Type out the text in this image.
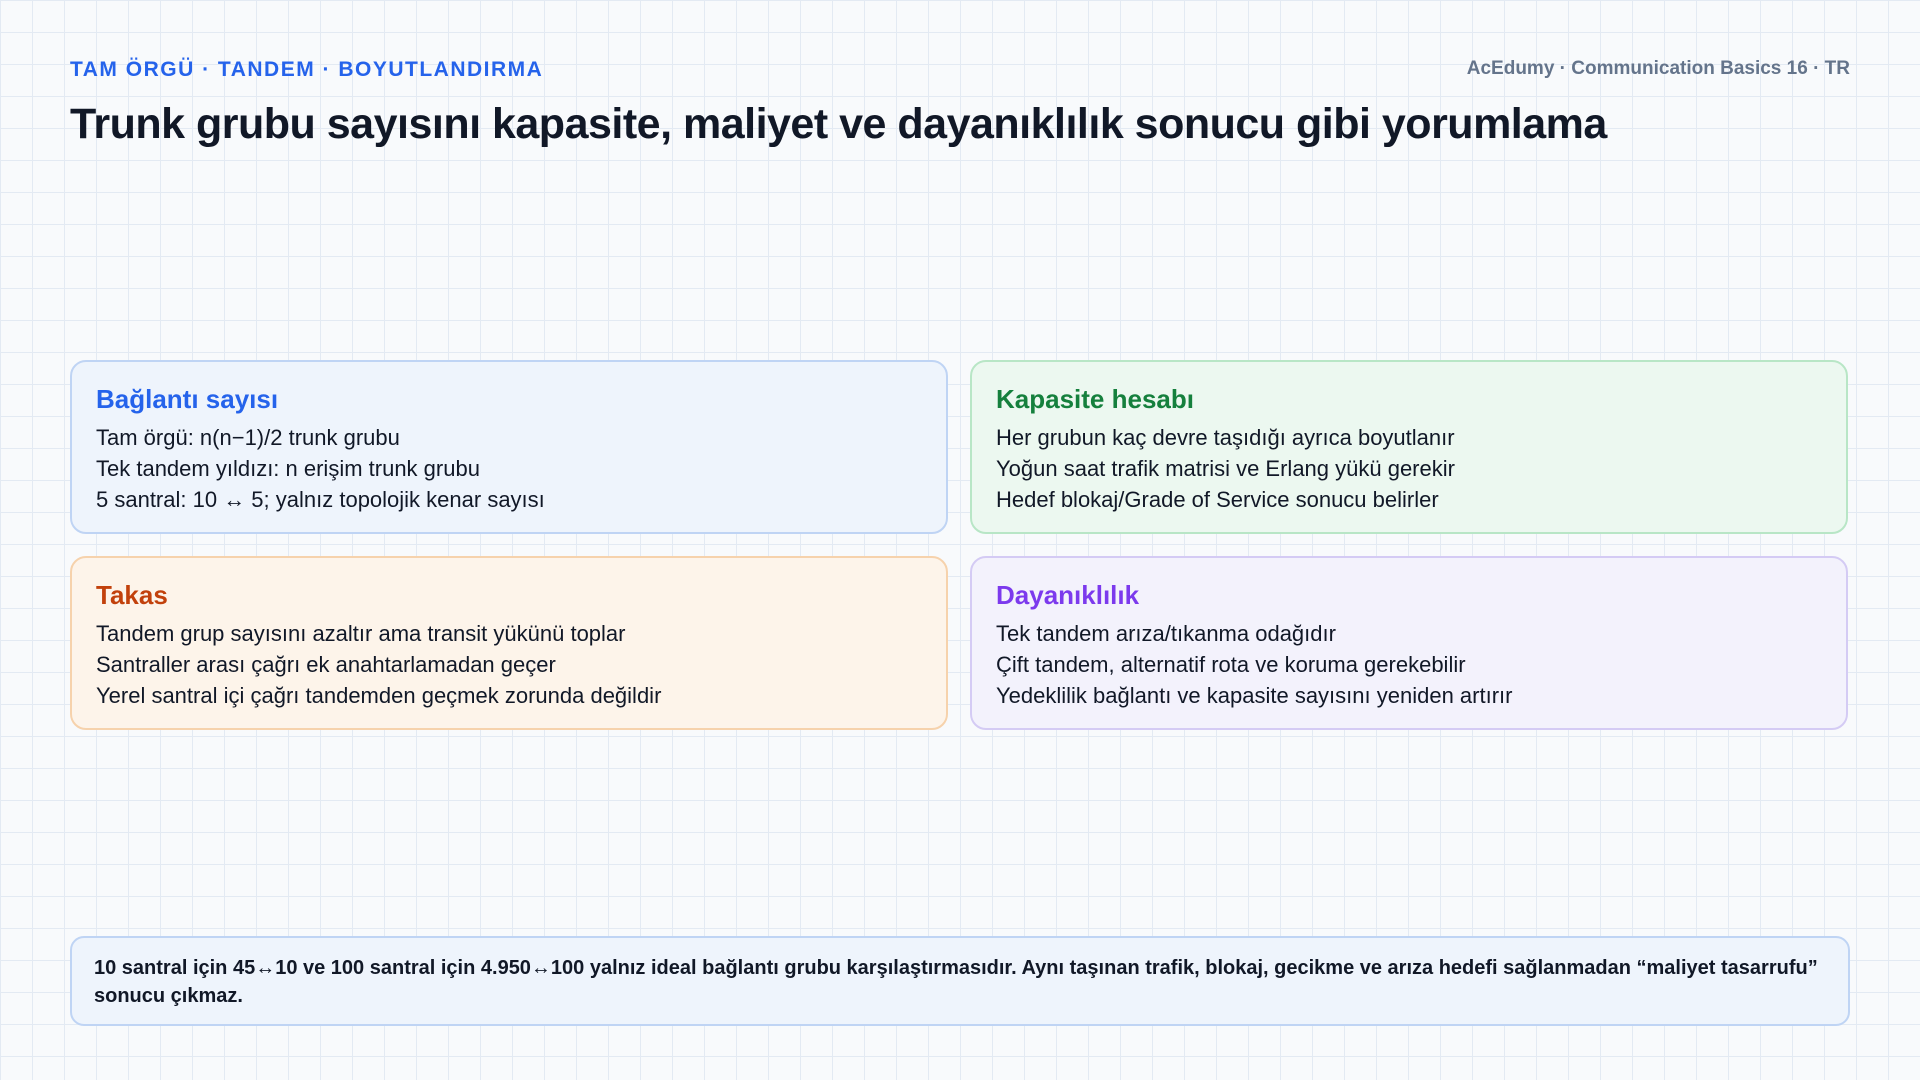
TAM ÖRGÜ · TANDEM · BOYUTLANDIRMA	AcEdumy · Communication Basics 16 · TR
Trunk grubu sayısını kapasite, maliyet ve dayanıklılık sonucu gibi yorumlama
Bağlantı sayısı
Tam örgü: n(n−1)/2 trunk grubu
Tek tandem yıldızı: n erişim trunk grubu
5 santral: 10 ↔ 5; yalnız topolojik kenar sayısı
Kapasite hesabı
Her grubun kaç devre taşıdığı ayrıca boyutlanır
Yoğun saat trafik matrisi ve Erlang yükü gerekir
Hedef blokaj/Grade of Service sonucu belirler
Takas
Tandem grup sayısını azaltır ama transit yükünü toplar
Santraller arası çağrı ek anahtarlamadan geçer
Yerel santral içi çağrı tandemden geçmek zorunda değildir
Dayanıklılık
Tek tandem arıza/tıkanma odağıdır
Çift tandem, alternatif rota ve koruma gerekebilir
Yedeklilik bağlantı ve kapasite sayısını yeniden artırır
10 santral için 45↔10 ve 100 santral için 4.950↔100 yalnız ideal bağlantı grubu karşılaştırmasıdır. Aynı taşınan trafik, blokaj, gecikme ve arıza hedefi sağlanmadan “maliyet tasarrufu” sonucu çıkmaz.
